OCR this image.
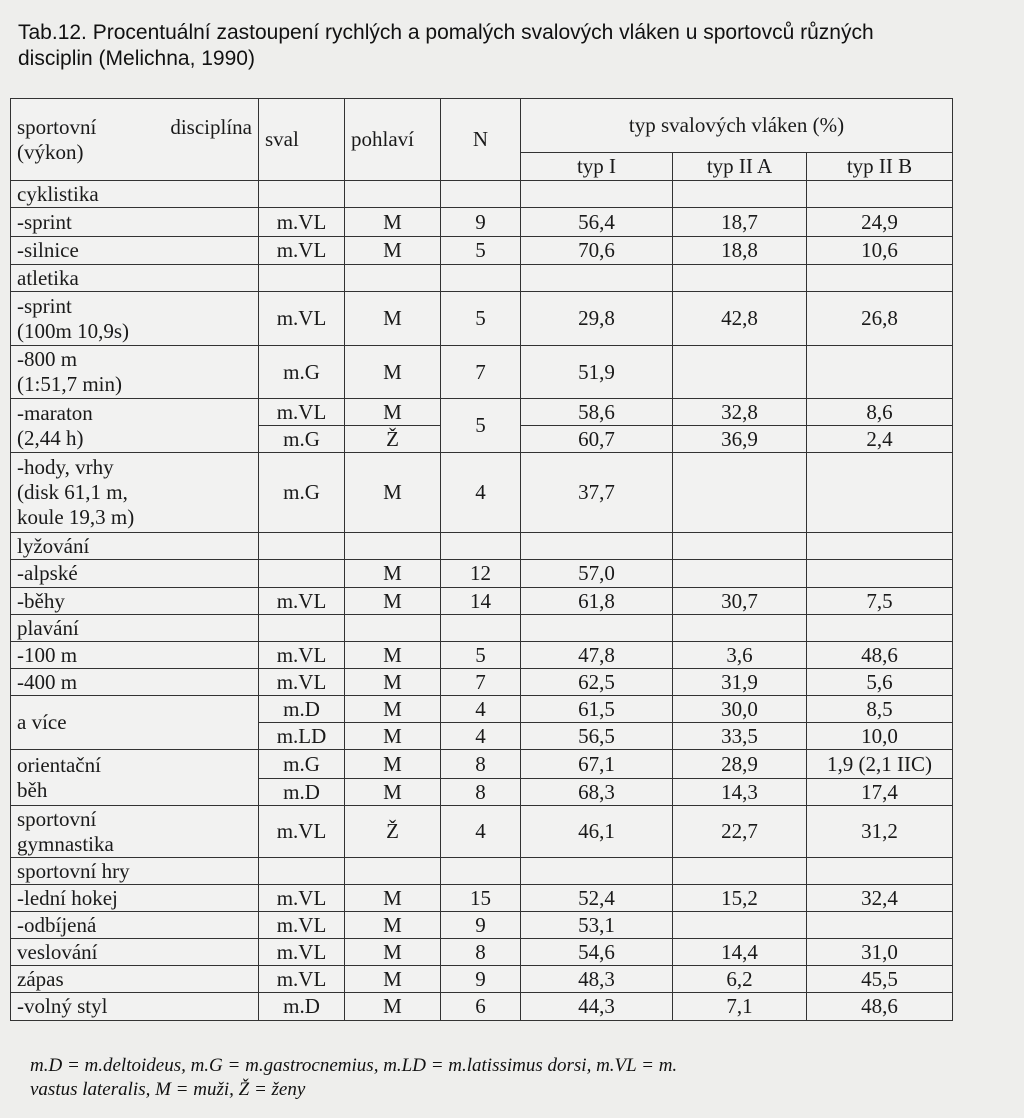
Tab.12. Procentuální zastoupení rychlých a pomalých svalových vláken u sportovců různých
disciplin (Melichna, 1990)
sportovní disciplína
(výkon)	sval	pohlaví	N	typ svalových vláken (%)		
				typ I	typ II A	typ II B
cyklistika						
-sprint	m.VL	M	9	56,4	18,7	24,9
-silnice	m.VL	M	5	70,6	18,8	10,6
atletika						

-sprint
(100m 10,9s)	m.VL	M	5	29,8	42,8	26,8

-800 m
(1:51,7 min)	m.G	M	7	51,9		

-maraton
(2,44 h)	m.VL	M	5	58,6	32,8	8,6
	m.G	Ž		60,7	36,9	2,4

-hody, vrhy
(disk 61,1 m,
koule 19,3 m)	m.G	M	4	37,7		
lyžování						
-alpské		M	12	57,0		
-běhy	m.VL	M	14	61,8	30,7	7,5
plavání						
-100 m	m.VL	M	5	47,8	3,6	48,6
-400 m	m.VL	M	7	62,5	31,9	5,6
a více	m.D	M	4	61,5	30,0	8,5
	m.LD	M	4	56,5	33,5	10,0

orientační
běh	m.G	M	8	67,1	28,9	1,9 (2,1 IIC)
	m.D	M	8	68,3	14,3	17,4

sportovní
gymnastika	m.VL	Ž	4	46,1	22,7	31,2
sportovní hry						
-lední hokej	m.VL	M	15	52,4	15,2	32,4
-odbíjená	m.VL	M	9	53,1		
veslování	m.VL	M	8	54,6	14,4	31,0
zápas	m.VL	M	9	48,3	6,2	45,5
-volný styl	m.D	M	6	44,3	7,1	48,6
m.D = m.deltoideus, m.G = m.gastrocnemius, m.LD = m.latissimus dorsi, m.VL = m.
vastus lateralis, M = muži, Ž = ženy
